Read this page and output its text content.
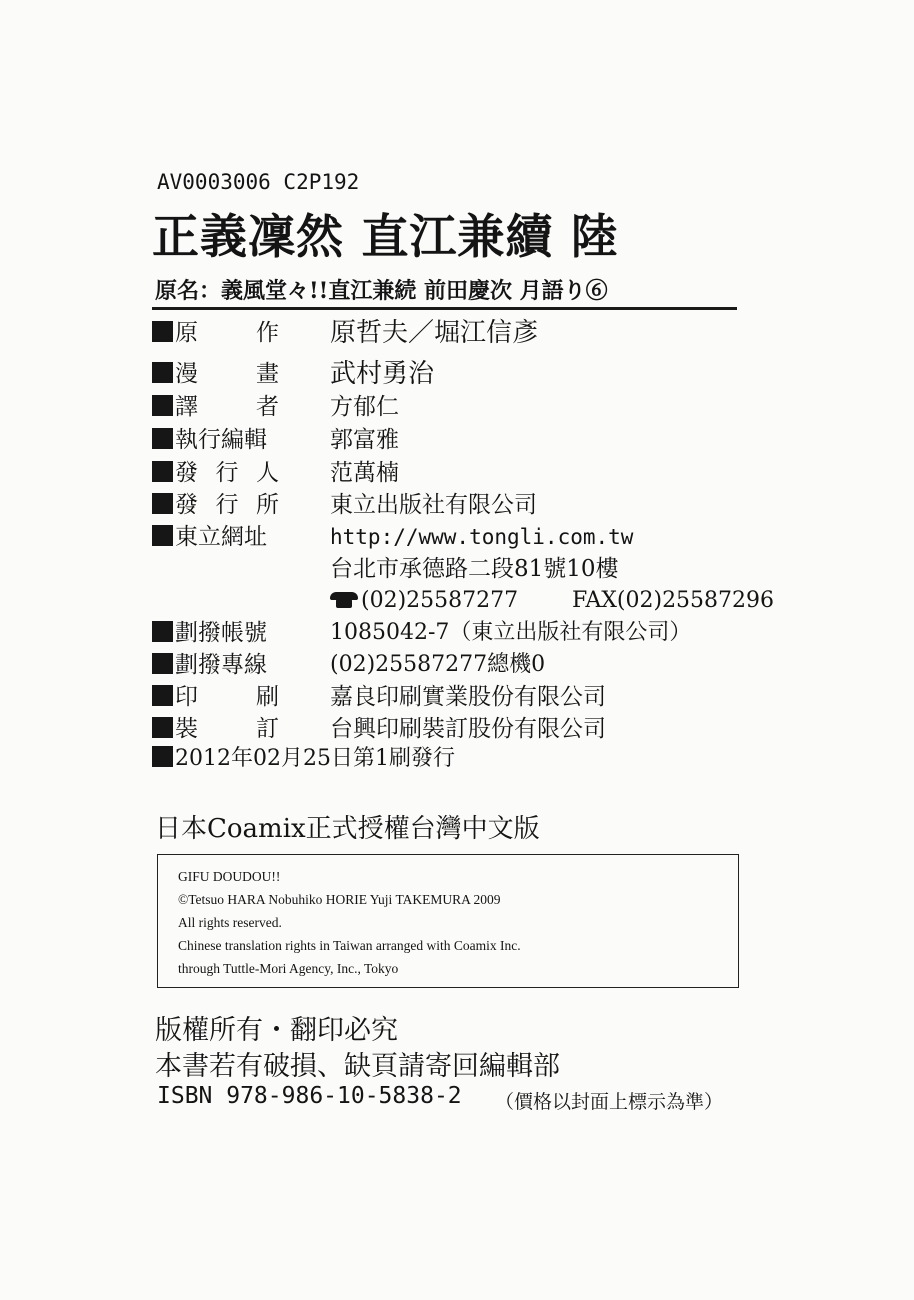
AV0003006 C2P192
正義凜然 直江兼續 陸
原名：義風堂々!!直江兼続 前田慶次 月語り⑥
原	作 原哲夫／堀江信彥
漫	畫 武村勇治
譯	者 方郁仁
執行編輯	郭富雅
發 行 人 范萬楠
發 行 所 東立出版社有限公司
東立網址	http://www.tongli.com.tw
台北市承德路二段81號10樓
(02)25587277 FAX(02)25587296
劃撥帳號	1085042-7（東立出版社有限公司）
劃撥專線	(02)25587277總機0
印	刷 嘉良印刷實業股份有限公司
裝	訂 台興印刷裝訂股份有限公司
2012年02月25日第1刷發行
日本Coamix正式授權台灣中文版
GIFU DOUDOU!!
©Tetsuo HARA Nobuhiko HORIE Yuji TAKEMURA 2009
All rights reserved.
Chinese translation rights in Taiwan arranged with Coamix Inc.
through Tuttle-Mori Agency, Inc., Tokyo
版權所有・翻印必究
本書若有破損、缺頁請寄回編輯部
ISBN 978-986-10-5838-2 （價格以封面上標示為準）
